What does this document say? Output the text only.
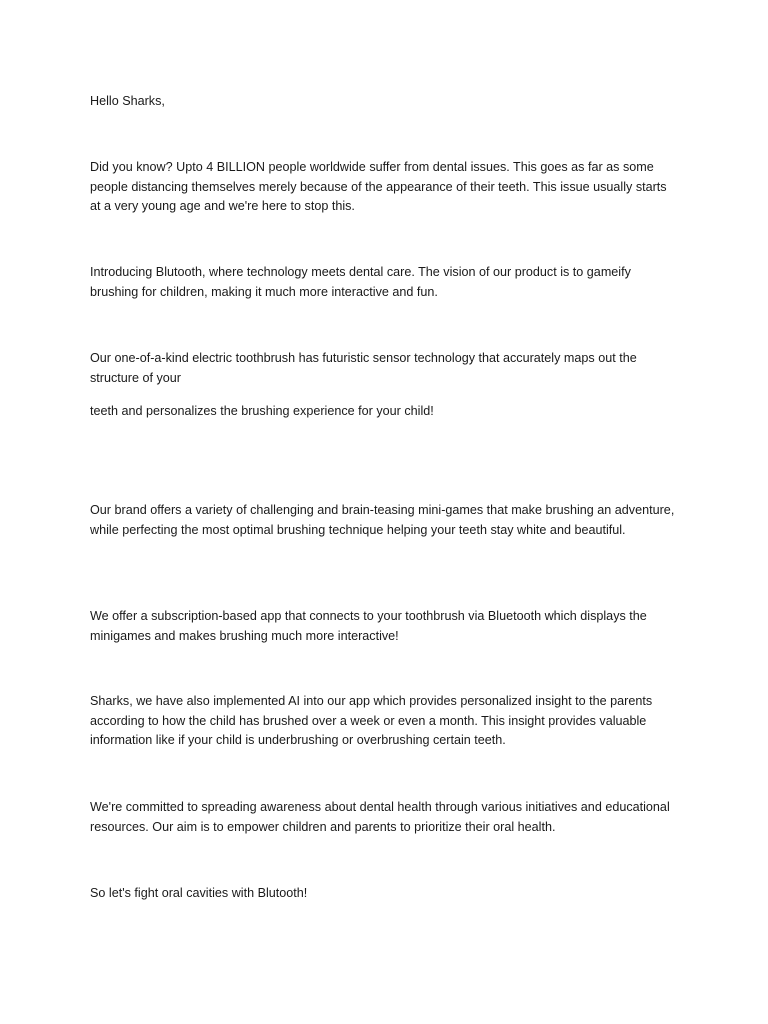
Hello Sharks,

Did you know? Upto 4 BILLION people worldwide suffer from dental issues. This goes as far as some people distancing themselves merely because of the appearance of their teeth. This issue usually starts at a very young age and we're here to stop this.

Introducing Blutooth, where technology meets dental care. The vision of our product is to gameify brushing for children, making it much more interactive and fun.

Our one-of-a-kind electric toothbrush has futuristic sensor technology that accurately maps out the structure of your

teeth and personalizes the brushing experience for your child!

Our brand offers a variety of challenging and brain-teasing mini-games that make brushing an adventure, while perfecting the most optimal brushing technique helping your teeth stay white and beautiful.

We offer a subscription-based app that connects to your toothbrush via Bluetooth which displays the minigames and makes brushing much more interactive!

Sharks, we have also implemented AI into our app which provides personalized insight to the parents according to how the child has brushed over a week or even a month. This insight provides valuable information like if your child is underbrushing or overbrushing certain teeth.

We're committed to spreading awareness about dental health through various initiatives and educational resources. Our aim is to empower children and parents to prioritize their oral health.

So let's fight oral cavities with Blutooth!
